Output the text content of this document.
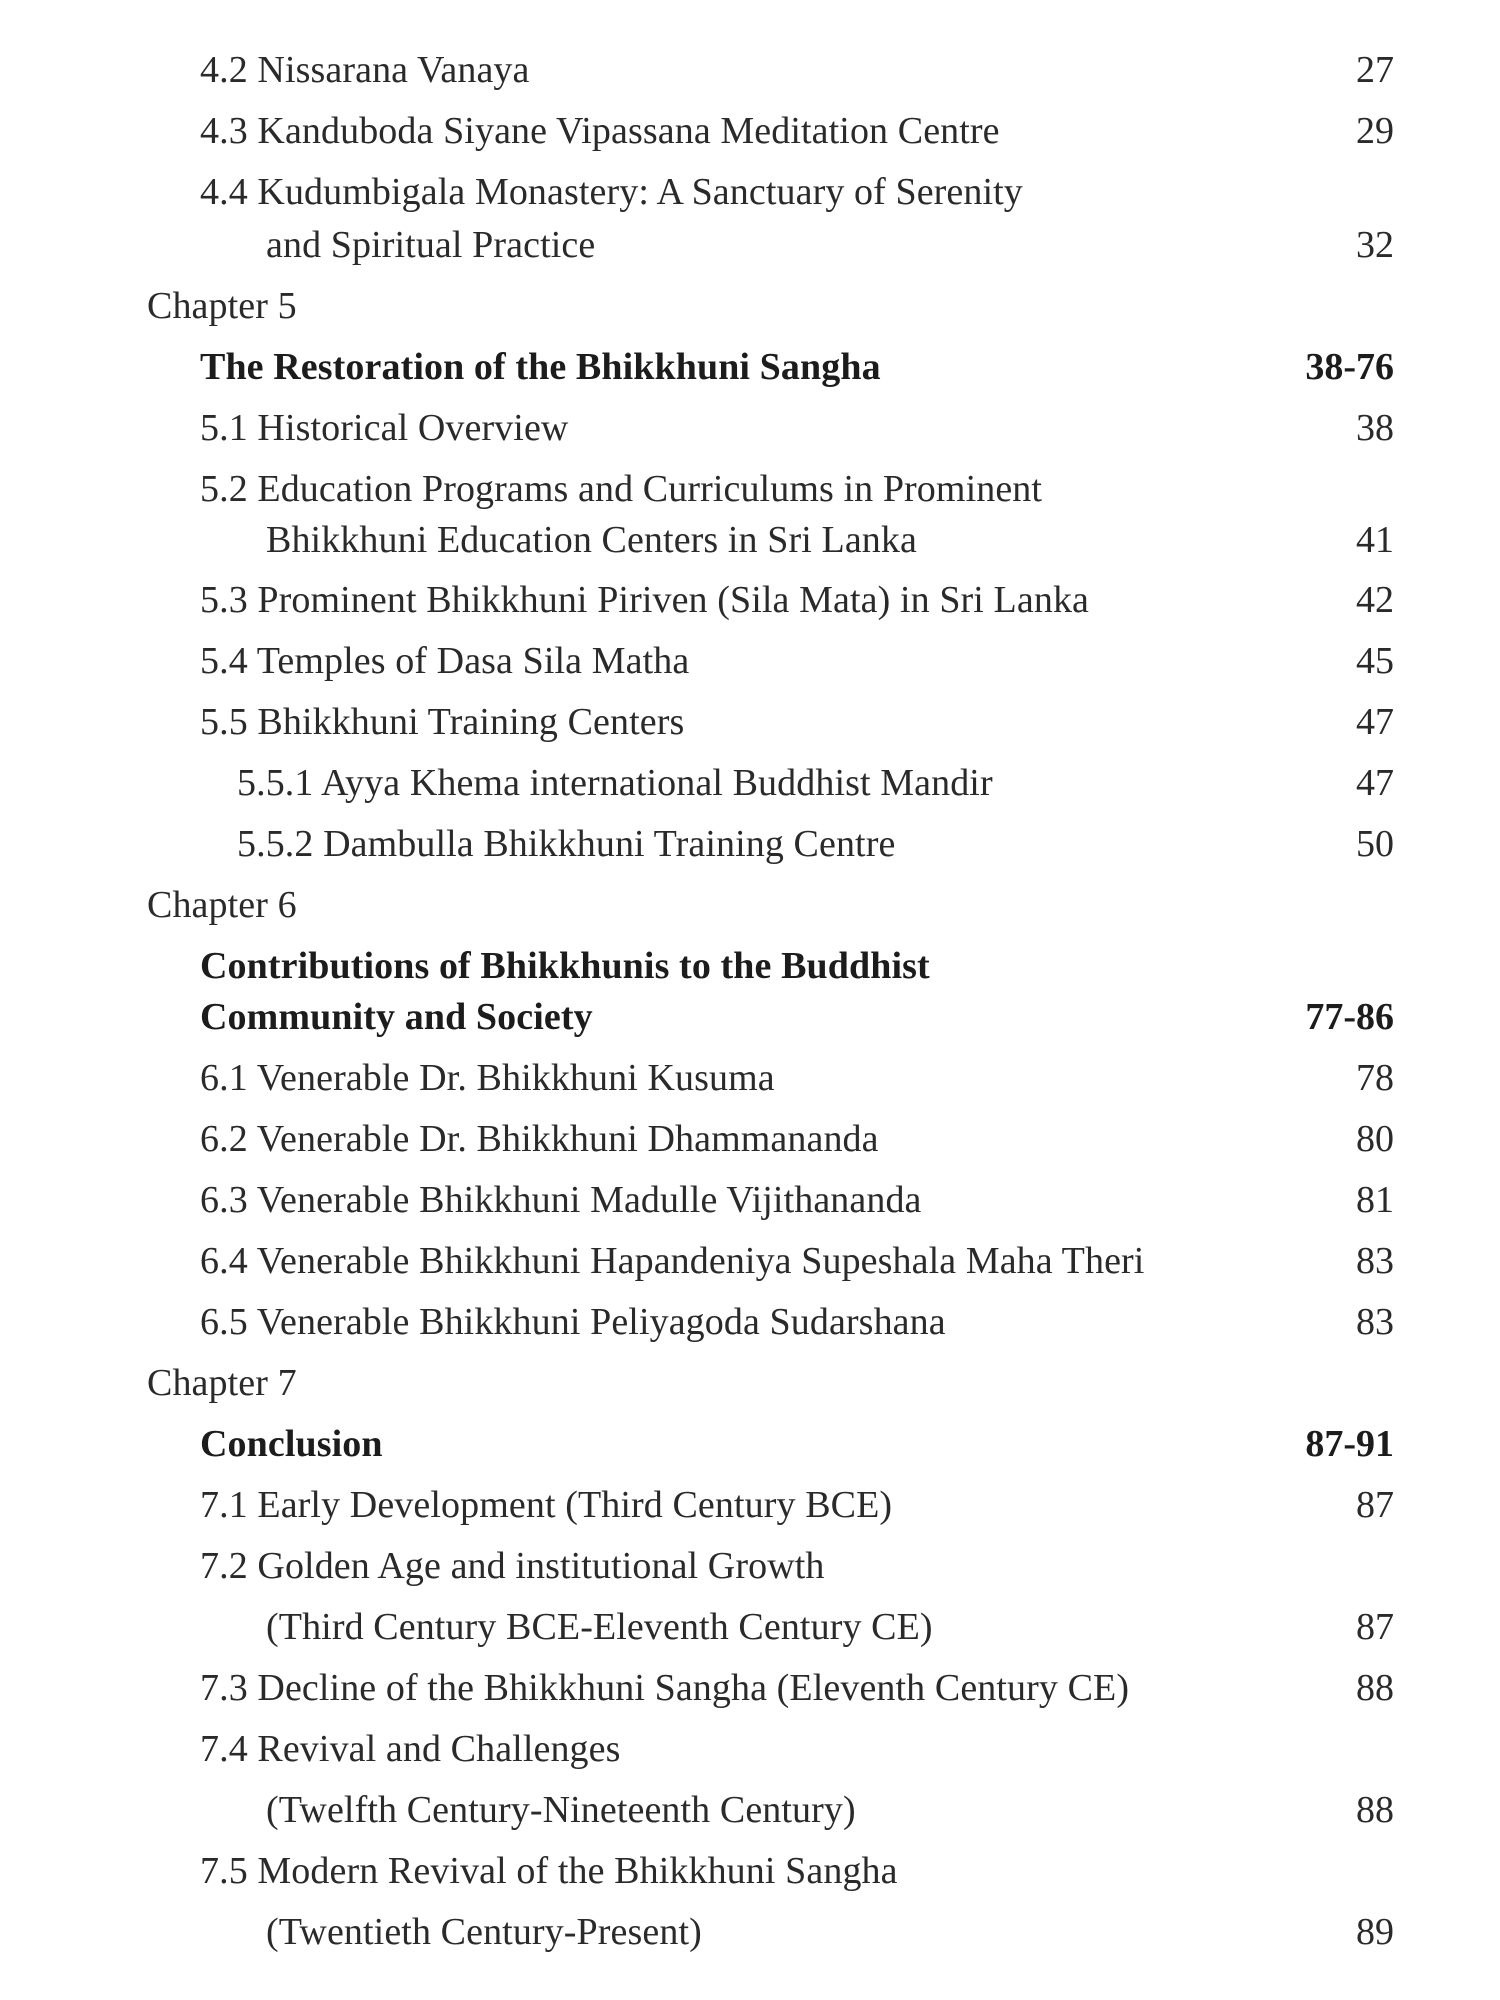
4.2 Nissarana Vanaya	27
4.3 Kanduboda Siyane Vipassana Meditation Centre	29
4.4 Kudumbigala Monastery: A Sanctuary of Serenity
and Spiritual Practice	32
Chapter 5
The Restoration of the Bhikkhuni Sangha	38-76
5.1 Historical Overview	38
5.2 Education Programs and Curriculums in Prominent
Bhikkhuni Education Centers in Sri Lanka	41
5.3 Prominent Bhikkhuni Piriven (Sila Mata) in Sri Lanka	42
5.4 Temples of Dasa Sila Matha	45
5.5 Bhikkhuni Training Centers	47
5.5.1 Ayya Khema international Buddhist Mandir	47
5.5.2 Dambulla Bhikkhuni Training Centre	50
Chapter 6
Contributions of Bhikkhunis to the Buddhist
Community and Society	77-86
6.1 Venerable Dr. Bhikkhuni Kusuma	78
6.2 Venerable Dr. Bhikkhuni Dhammananda	80
6.3 Venerable Bhikkhuni Madulle Vijithananda	81
6.4 Venerable Bhikkhuni Hapandeniya Supeshala Maha Theri	83
6.5 Venerable Bhikkhuni Peliyagoda Sudarshana	83
Chapter 7
Conclusion	87-91
7.1 Early Development (Third Century BCE)	87
7.2 Golden Age and institutional Growth
(Third Century BCE-Eleventh Century CE)	87
7.3 Decline of the Bhikkhuni Sangha (Eleventh Century CE)	88
7.4 Revival and Challenges
(Twelfth Century-Nineteenth Century)	88
7.5 Modern Revival of the Bhikkhuni Sangha
(Twentieth Century-Present)	89
